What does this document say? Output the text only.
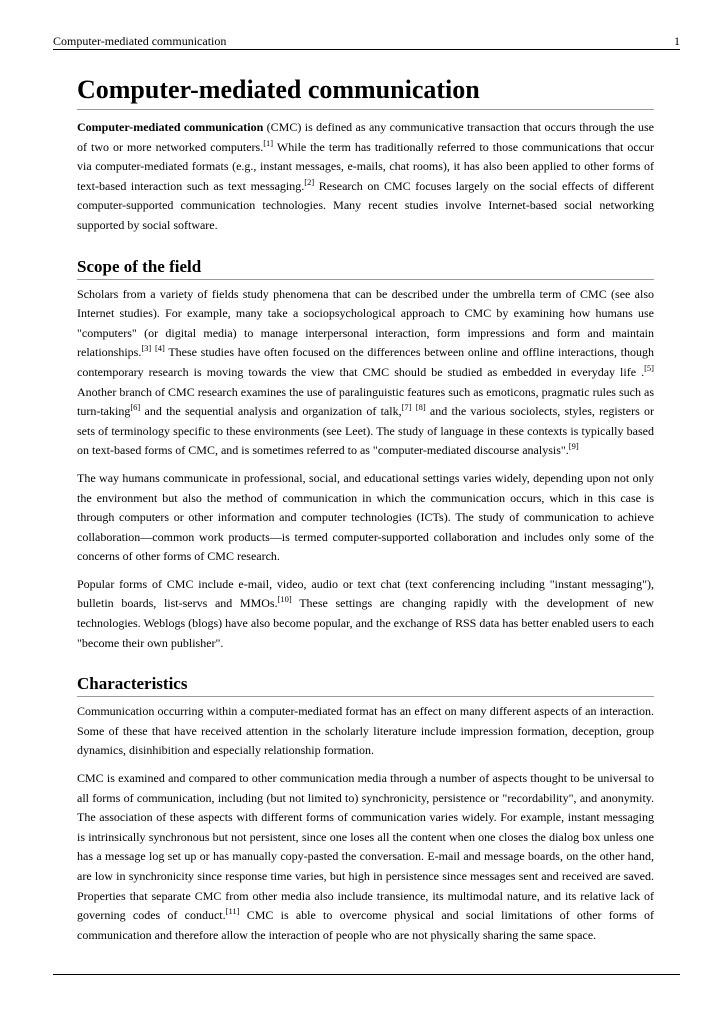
Computer-mediated communication	1
Computer-mediated communication

Computer-mediated communication (CMC) is defined as any communicative transaction that occurs through the use of two or more networked computers.[1] While the term has traditionally referred to those communications that occur via computer-mediated formats (e.g., instant messages, e-mails, chat rooms), it has also been applied to other forms of text-based interaction such as text messaging.[2] Research on CMC focuses largely on the social effects of different computer-supported communication technologies. Many recent studies involve Internet-based social networking supported by social software.

Scope of the field

Scholars from a variety of fields study phenomena that can be described under the umbrella term of CMC (see also Internet studies). For example, many take a sociopsychological approach to CMC by examining how humans use "computers" (or digital media) to manage interpersonal interaction, form impressions and form and maintain relationships.[3] [4] These studies have often focused on the differences between online and offline interactions, though contemporary research is moving towards the view that CMC should be studied as embedded in everyday life .[5] Another branch of CMC research examines the use of paralinguistic features such as emoticons, pragmatic rules such as turn-taking[6] and the sequential analysis and organization of talk,[7] [8] and the various sociolects, styles, registers or sets of terminology specific to these environments (see Leet). The study of language in these contexts is typically based on text-based forms of CMC, and is sometimes referred to as "computer-mediated discourse analysis".[9]

The way humans communicate in professional, social, and educational settings varies widely, depending upon not only the environment but also the method of communication in which the communication occurs, which in this case is through computers or other information and computer technologies (ICTs). The study of communication to achieve collaboration—common work products—is termed computer-supported collaboration and includes only some of the concerns of other forms of CMC research.

Popular forms of CMC include e-mail, video, audio or text chat (text conferencing including "instant messaging"), bulletin boards, list-servs and MMOs.[10] These settings are changing rapidly with the development of new technologies. Weblogs (blogs) have also become popular, and the exchange of RSS data has better enabled users to each "become their own publisher".

Characteristics

Communication occurring within a computer-mediated format has an effect on many different aspects of an interaction. Some of these that have received attention in the scholarly literature include impression formation, deception, group dynamics, disinhibition and especially relationship formation.

CMC is examined and compared to other communication media through a number of aspects thought to be universal to all forms of communication, including (but not limited to) synchronicity, persistence or "recordability", and anonymity. The association of these aspects with different forms of communication varies widely. For example, instant messaging is intrinsically synchronous but not persistent, since one loses all the content when one closes the dialog box unless one has a message log set up or has manually copy-pasted the conversation. E-mail and message boards, on the other hand, are low in synchronicity since response time varies, but high in persistence since messages sent and received are saved. Properties that separate CMC from other media also include transience, its multimodal nature, and its relative lack of governing codes of conduct.[11] CMC is able to overcome physical and social limitations of other forms of communication and therefore allow the interaction of people who are not physically sharing the same space.
